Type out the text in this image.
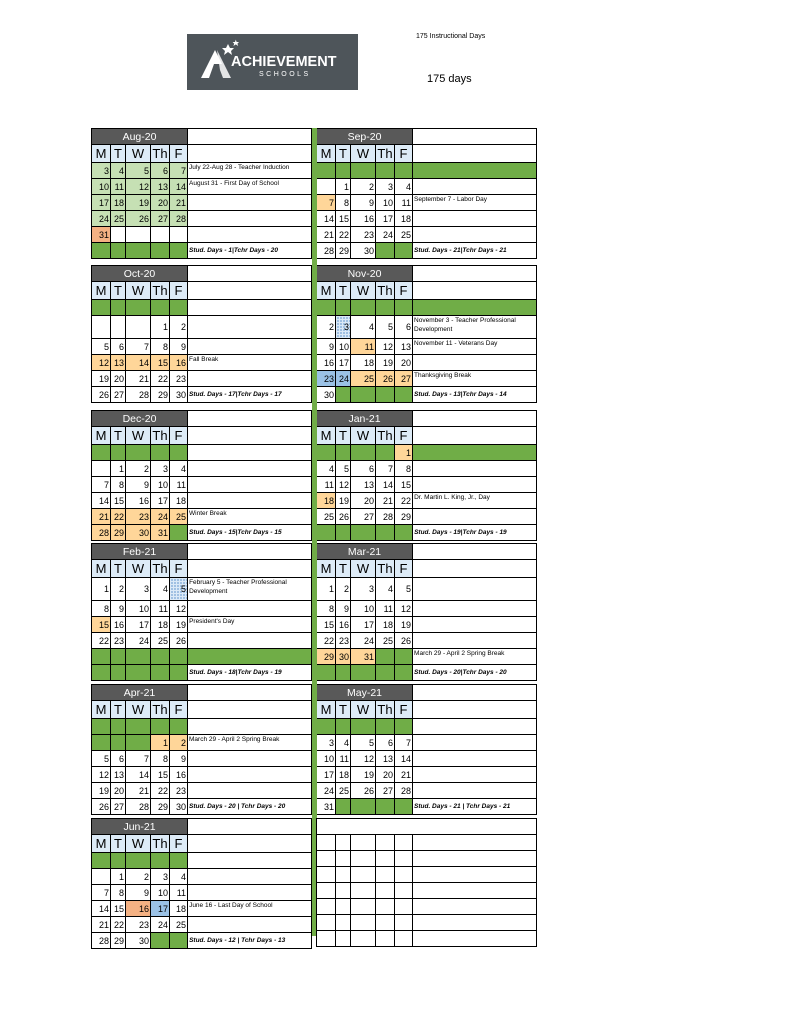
ACHIEVEMENT
SCHOOLS
175 Instructional Days
175 days
Aug-20					
M	T	W	Th	F	
3	4	5	6	7	July 22-Aug 28 - Teacher Induction
10	11	12	13	14	August 31 - First Day of School
17	18	19	20	21	
24	25	26	27	28	
31					
					Stud. Days - 1|Tchr Days - 20
Sep-20					
M	T	W	Th	F	

	1	2	3	4	
7	8	9	10	11	September 7 - Labor Day
14	15	16	17	18	
21	22	23	24	25	
28	29	30			Stud. Days - 21|Tchr Days - 21
Oct-20					
M	T	W	Th	F	

			1	2	
5	6	7	8	9	
12	13	14	15	16	Fall Break
19	20	21	22	23	
26	27	28	29	30	Stud. Days - 17|Tchr Days - 17
Nov-20					
M	T	W	Th	F	

2	3	4	5	6	November 3 - Teacher Professional Development
9	10	11	12	13	November 11 - Veterans Day
16	17	18	19	20	
23	24	25	26	27	Thanksgiving Break
30					Stud. Days - 13|Tchr Days - 14
Dec-20					
M	T	W	Th	F	

	1	2	3	4	
7	8	9	10	11	
14	15	16	17	18	
21	22	23	24	25	Winter Break
28	29	30	31		Stud. Days - 15|Tchr Days - 15
Jan-21					
M	T	W	Th	F	
				1	
4	5	6	7	8	
11	12	13	14	15	
18	19	20	21	22	Dr. Martin L. King, Jr., Day
25	26	27	28	29	
					Stud. Days - 19|Tchr Days - 19
Feb-21					
M	T	W	Th	F	
1	2	3	4	5	February 5 - Teacher Professional Development
8	9	10	11	12	
15	16	17	18	19	President's Day
22	23	24	25	26	

					Stud. Days - 18|Tchr Days - 19
Mar-21					
M	T	W	Th	F	
1	2	3	4	5	
8	9	10	11	12	
15	16	17	18	19	
22	23	24	25	26	
29	30	31			March 29 - April 2 Spring Break
					Stud. Days - 20|Tchr Days - 20
Apr-21					
M	T	W	Th	F	

			1	2	March 29 - April 2 Spring Break
5	6	7	8	9	
12	13	14	15	16	
19	20	21	22	23	
26	27	28	29	30	Stud. Days - 20 | Tchr Days - 20
May-21					
M	T	W	Th	F	

3	4	5	6	7	
10	11	12	13	14	
17	18	19	20	21	
24	25	26	27	28	
31					Stud. Days - 21 | Tchr Days - 21
Jun-21					
M	T	W	Th	F	

	1	2	3	4	
7	8	9	10	11	
14	15	16	17	18	June 16 - Last Day of School
21	22	23	24	25	
28	29	30			Stud. Days - 12 | Tchr Days - 13
